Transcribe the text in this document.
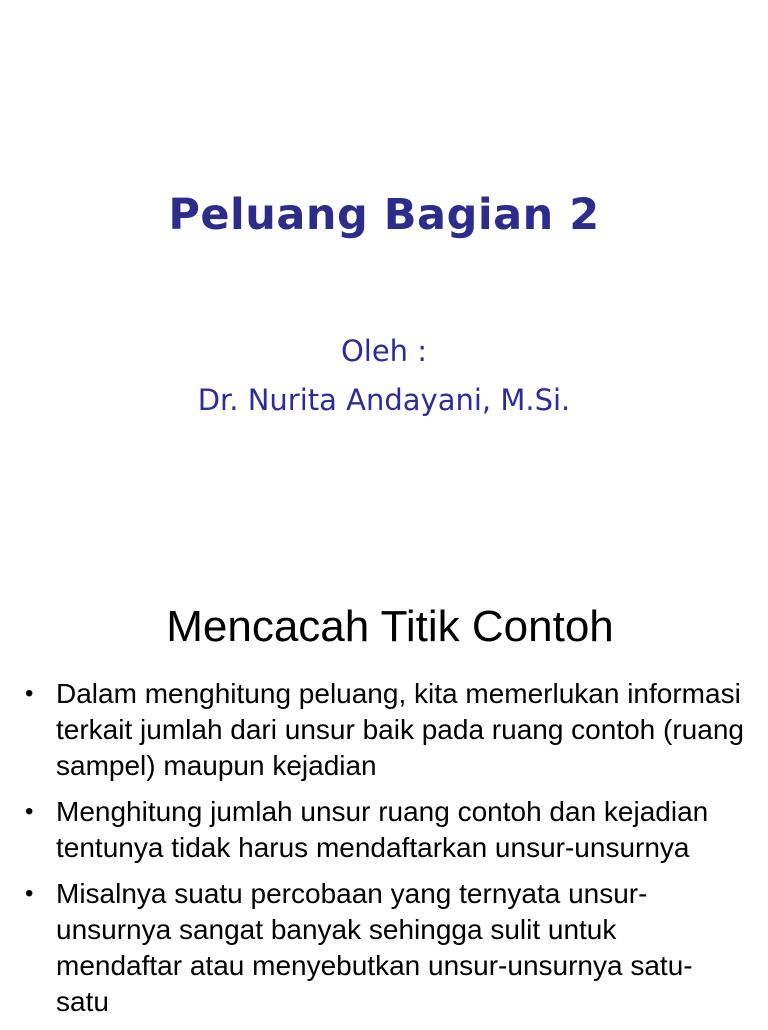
Peluang Bagian 2
Oleh :
Dr. Nurita Andayani, M.Si.
Mencacah Titik Contoh
• Dalam menghitung peluang, kita memerlukan informasi terkait jumlah dari unsur baik pada ruang contoh (ruang sampel) maupun kejadian
• Menghitung jumlah unsur ruang contoh dan kejadian tentunya tidak harus mendaftarkan unsur-unsurnya
• Misalnya suatu percobaan yang ternyata unsur-unsurnya sangat banyak sehingga sulit untuk mendaftar atau menyebutkan unsur-unsurnya satu-satu
